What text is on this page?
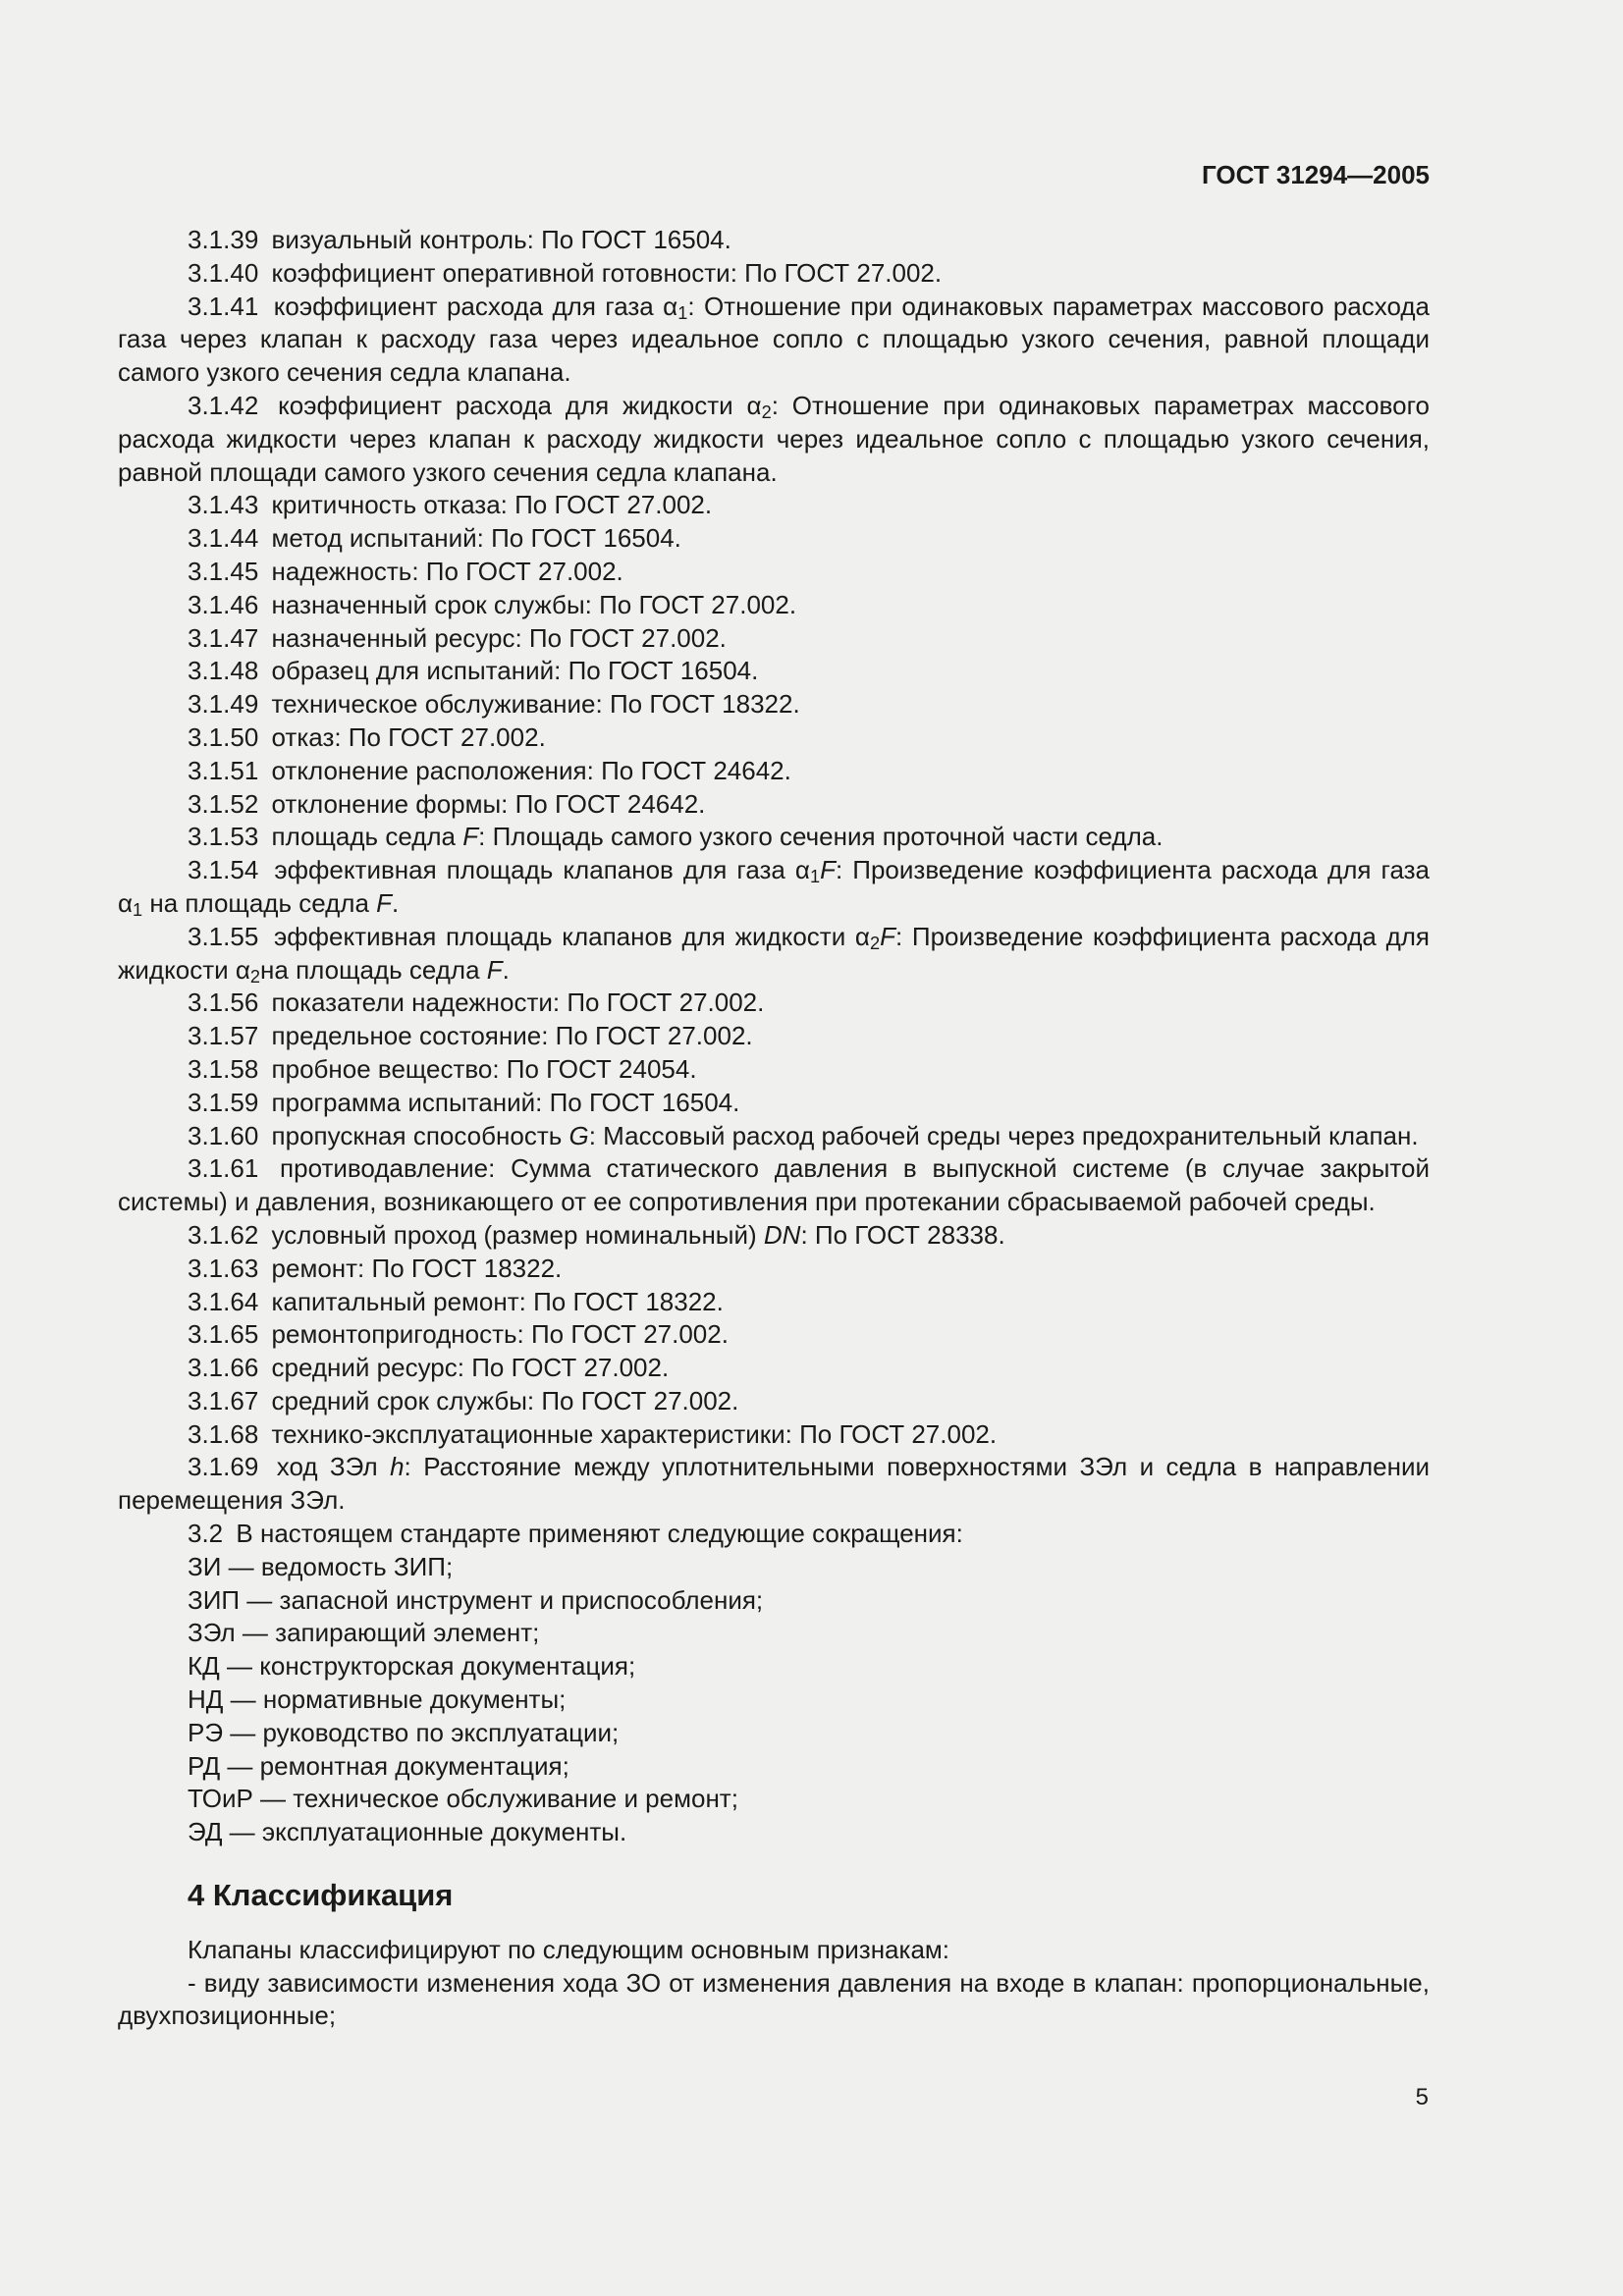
ГОСТ 31294—2005

3.1.39 визуальный контроль: По ГОСТ 16504.

3.1.40 коэффициент оперативной готовности: По ГОСТ 27.002.

3.1.41 коэффициент расхода для газа $\alpha_1$: Отношение при одинаковых параметрах массового расхода газа через клапан к расходу газа через идеальное сопло с площадью узкого сечения, равной площади самого узкого сечения седла клапана.

3.1.42 коэффициент расхода для жидкости $\alpha_2$: Отношение при одинаковых параметрах массового расхода жидкости через клапан к расходу жидкости через идеальное сопло с площадью узкого сечения, равной площади самого узкого сечения седла клапана.

3.1.43 критичность отказа: По ГОСТ 27.002.

3.1.44 метод испытаний: По ГОСТ 16504.

3.1.45 надежность: По ГОСТ 27.002.

3.1.46 назначенный срок службы: По ГОСТ 27.002.

3.1.47 назначенный ресурс: По ГОСТ 27.002.

3.1.48 образец для испытаний: По ГОСТ 16504.

3.1.49 техническое обслуживание: По ГОСТ 18322.

3.1.50 отказ: По ГОСТ 27.002.

3.1.51 отклонение расположения: По ГОСТ 24642.

3.1.52 отклонение формы: По ГОСТ 24642.

3.1.53 площадь седла F: Площадь самого узкого сечения проточной части седла.

3.1.54 эффективная площадь клапанов для газа $\alpha_1F$: Произведение коэффициента расхода для газа $\alpha_1$ на площадь седла F.

3.1.55 эффективная площадь клапанов для жидкости $\alpha_2F$: Произведение коэффициента расхода для жидкости $\alpha_2на$ площадь седла F.

3.1.56 показатели надежности: По ГОСТ 27.002.

3.1.57 предельное состояние: По ГОСТ 27.002.

3.1.58 пробное вещество: По ГОСТ 24054.

3.1.59 программа испытаний: По ГОСТ 16504.

3.1.60 пропускная способность G: Массовый расход рабочей среды через предохранительный клапан.

3.1.61 противодавление: Сумма статического давления в выпускной системе (в случае закрытой системы) и давления, возникающего от ее сопротивления при протекании сбрасываемой рабочей среды.

3.1.62 условный проход (размер номинальный) DN: По ГОСТ 28338.

3.1.63 ремонт: По ГОСТ 18322.

3.1.64 капитальный ремонт: По ГОСТ 18322.

3.1.65 ремонтопригодность: По ГОСТ 27.002.

3.1.66 средний ресурс: По ГОСТ 27.002.

3.1.67 средний срок службы: По ГОСТ 27.002.

3.1.68 технико-эксплуатационные характеристики: По ГОСТ 27.002.

3.1.69 ход ЗЭл h: Расстояние между уплотнительными поверхностями ЗЭл и седла в направлении перемещения ЗЭл.

3.2 В настоящем стандарте применяют следующие сокращения:

ЗИ — ведомость ЗИП;

ЗИП — запасной инструмент и приспособления;

ЗЭл — запирающий элемент;

КД — конструкторская документация;

НД — нормативные документы;

РЭ — руководство по эксплуатации;

РД — ремонтная документация;

ТОиР — техническое обслуживание и ремонт;

ЭД — эксплуатационные документы.

4 Классификация

Клапаны классифицируют по следующим основным признакам:

- виду зависимости изменения хода ЗО от изменения давления на входе в клапан: пропорциональные, двухпозиционные;

5
